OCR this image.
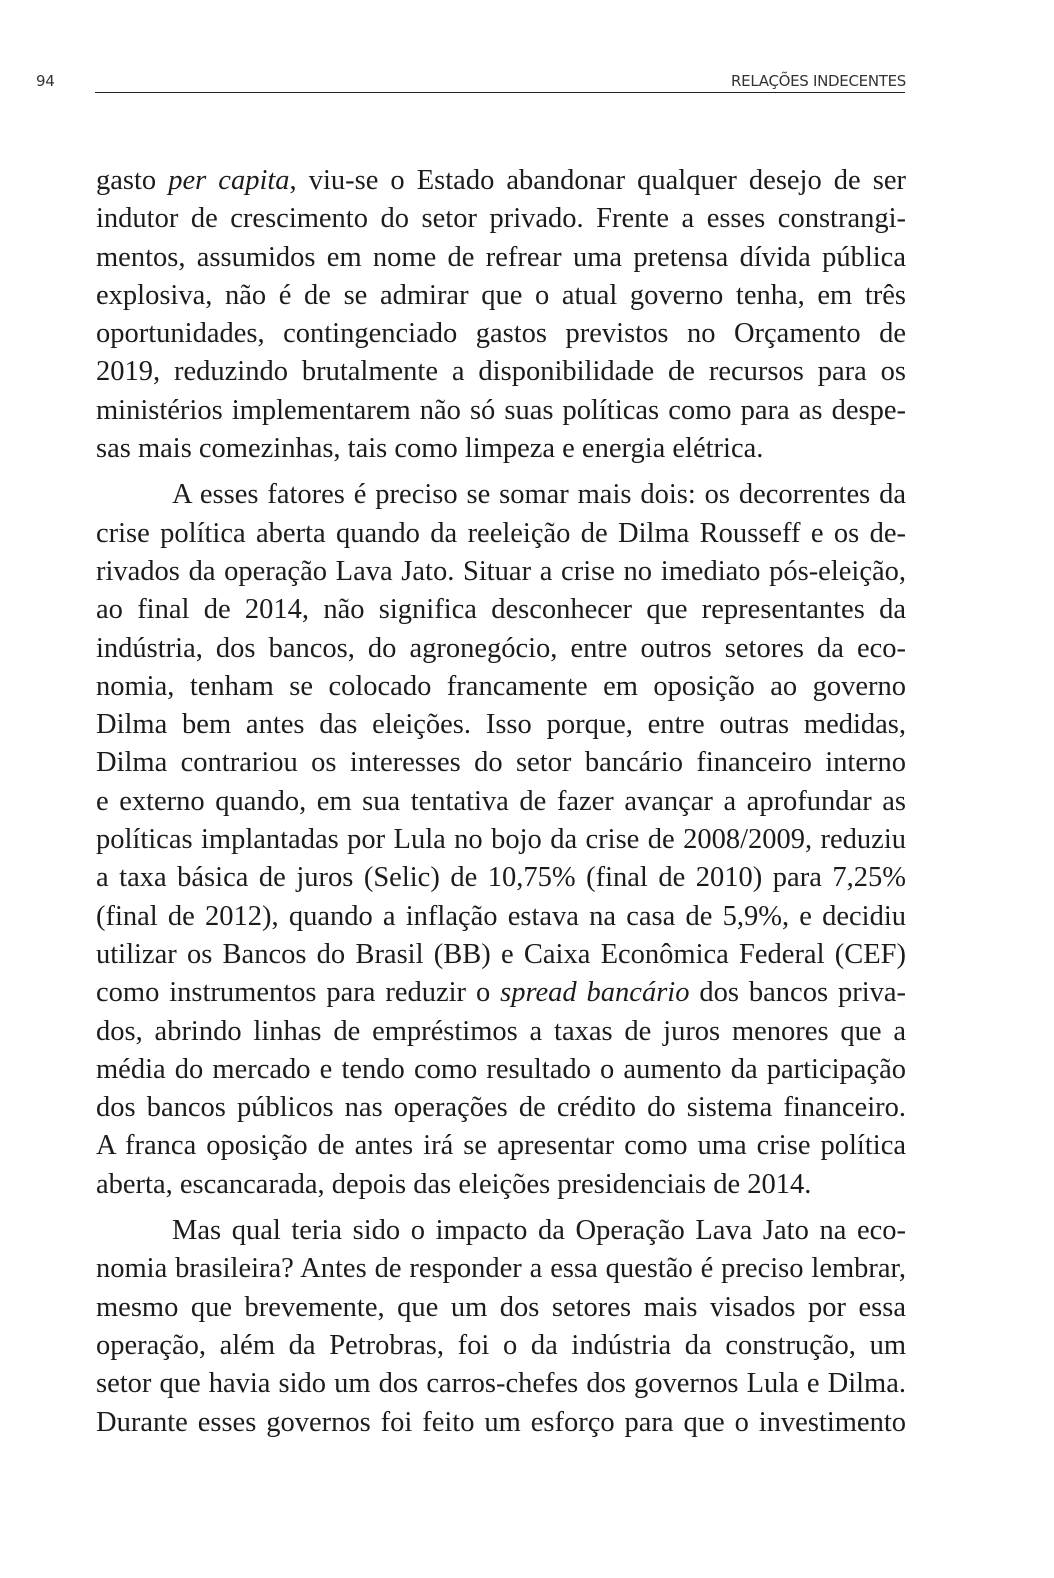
94	RELAÇÕES INDECENTES
gasto per capita, viu-se o Estado abandonar qualquer desejo de ser
indutor de crescimento do setor privado. Frente a esses constrangi-
mentos, assumidos em nome de refrear uma pretensa dívida pública
explosiva, não é de se admirar que o atual governo tenha, em três
oportunidades, contingenciado gastos previstos no Orçamento de
2019, reduzindo brutalmente a disponibilidade de recursos para os
ministérios implementarem não só suas políticas como para as despe-
sas mais comezinhas, tais como limpeza e energia elétrica.
A esses fatores é preciso se somar mais dois: os decorrentes da
crise política aberta quando da reeleição de Dilma Rousseff e os de-
rivados da operação Lava Jato. Situar a crise no imediato pós-eleição,
ao final de 2014, não significa desconhecer que representantes da
indústria, dos bancos, do agronegócio, entre outros setores da eco-
nomia, tenham se colocado francamente em oposição ao governo
Dilma bem antes das eleições. Isso porque, entre outras medidas,
Dilma contrariou os interesses do setor bancário financeiro interno
e externo quando, em sua tentativa de fazer avançar a aprofundar as
políticas implantadas por Lula no bojo da crise de 2008/2009, reduziu
a taxa básica de juros (Selic) de 10,75% (final de 2010) para 7,25%
(final de 2012), quando a inflação estava na casa de 5,9%, e decidiu
utilizar os Bancos do Brasil (BB) e Caixa Econômica Federal (CEF)
como instrumentos para reduzir o spread bancário dos bancos priva-
dos, abrindo linhas de empréstimos a taxas de juros menores que a
média do mercado e tendo como resultado o aumento da participação
dos bancos públicos nas operações de crédito do sistema financeiro.
A franca oposição de antes irá se apresentar como uma crise política
aberta, escancarada, depois das eleições presidenciais de 2014.
Mas qual teria sido o impacto da Operação Lava Jato na eco-
nomia brasileira? Antes de responder a essa questão é preciso lembrar,
mesmo que brevemente, que um dos setores mais visados por essa
operação, além da Petrobras, foi o da indústria da construção, um
setor que havia sido um dos carros-chefes dos governos Lula e Dilma.
Durante esses governos foi feito um esforço para que o investimento
